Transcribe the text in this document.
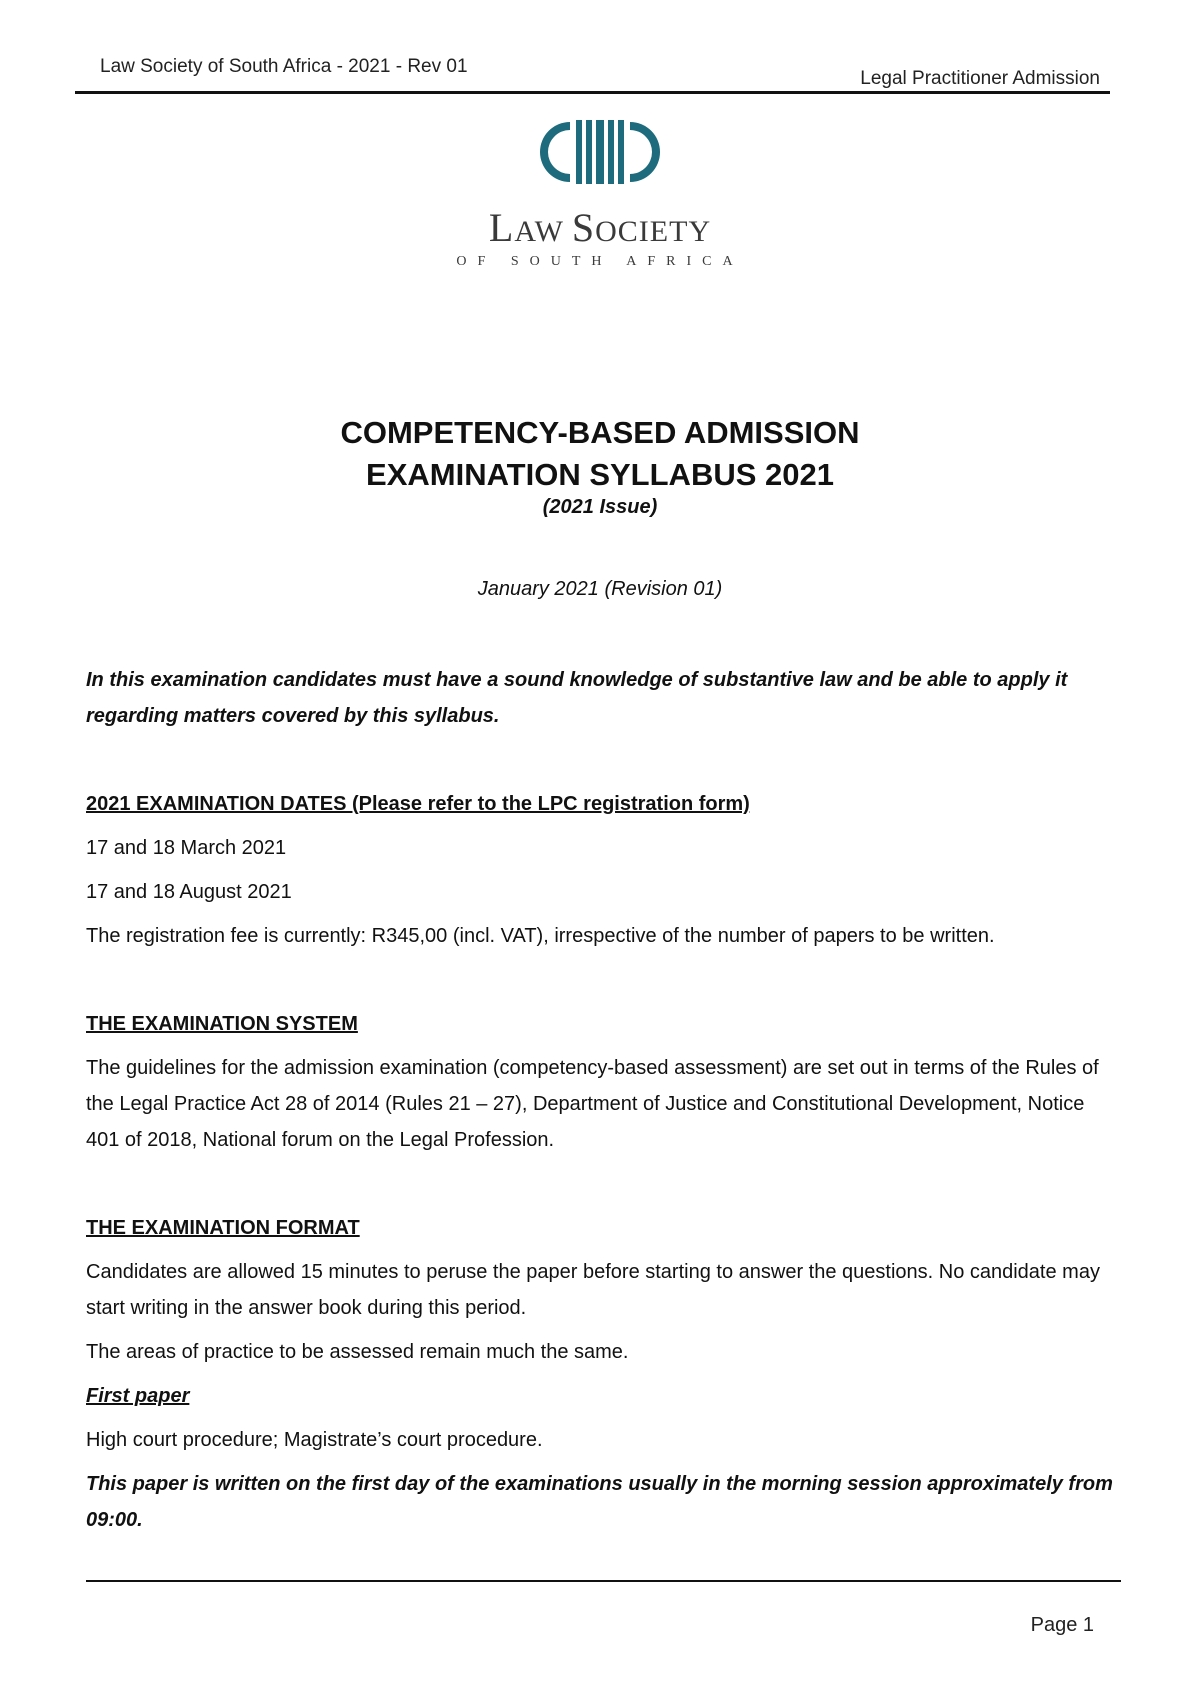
Law Society of South Africa - 2021 - Rev 01
Legal Practitioner Admission
LAW SOCIETY
OF SOUTH AFRICA
COMPETENCY-BASED ADMISSION
EXAMINATION SYLLABUS 2021
(2021 Issue)
January 2021 (Revision 01)

In this examination candidates must have a sound knowledge of substantive law and be able to apply it regarding matters covered by this syllabus.

2021 EXAMINATION DATES (Please refer to the LPC registration form)

17 and 18 March 2021

17 and 18 August 2021

The registration fee is currently: R345,00 (incl. VAT), irrespective of the number of papers to be written.

THE EXAMINATION SYSTEM

The guidelines for the admission examination (competency-based assessment) are set out in terms of the Rules of the Legal Practice Act 28 of 2014 (Rules 21 – 27), Department of Justice and Constitutional Development, Notice 401 of 2018, National forum on the Legal Profession.

THE EXAMINATION FORMAT

Candidates are allowed 15 minutes to peruse the paper before starting to answer the questions. No candidate may start writing in the answer book during this period.

The areas of practice to be assessed remain much the same.

First paper

High court procedure; Magistrate’s court procedure.

This paper is written on the first day of the examinations usually in the morning session approximately from 09:00.

Page 1
